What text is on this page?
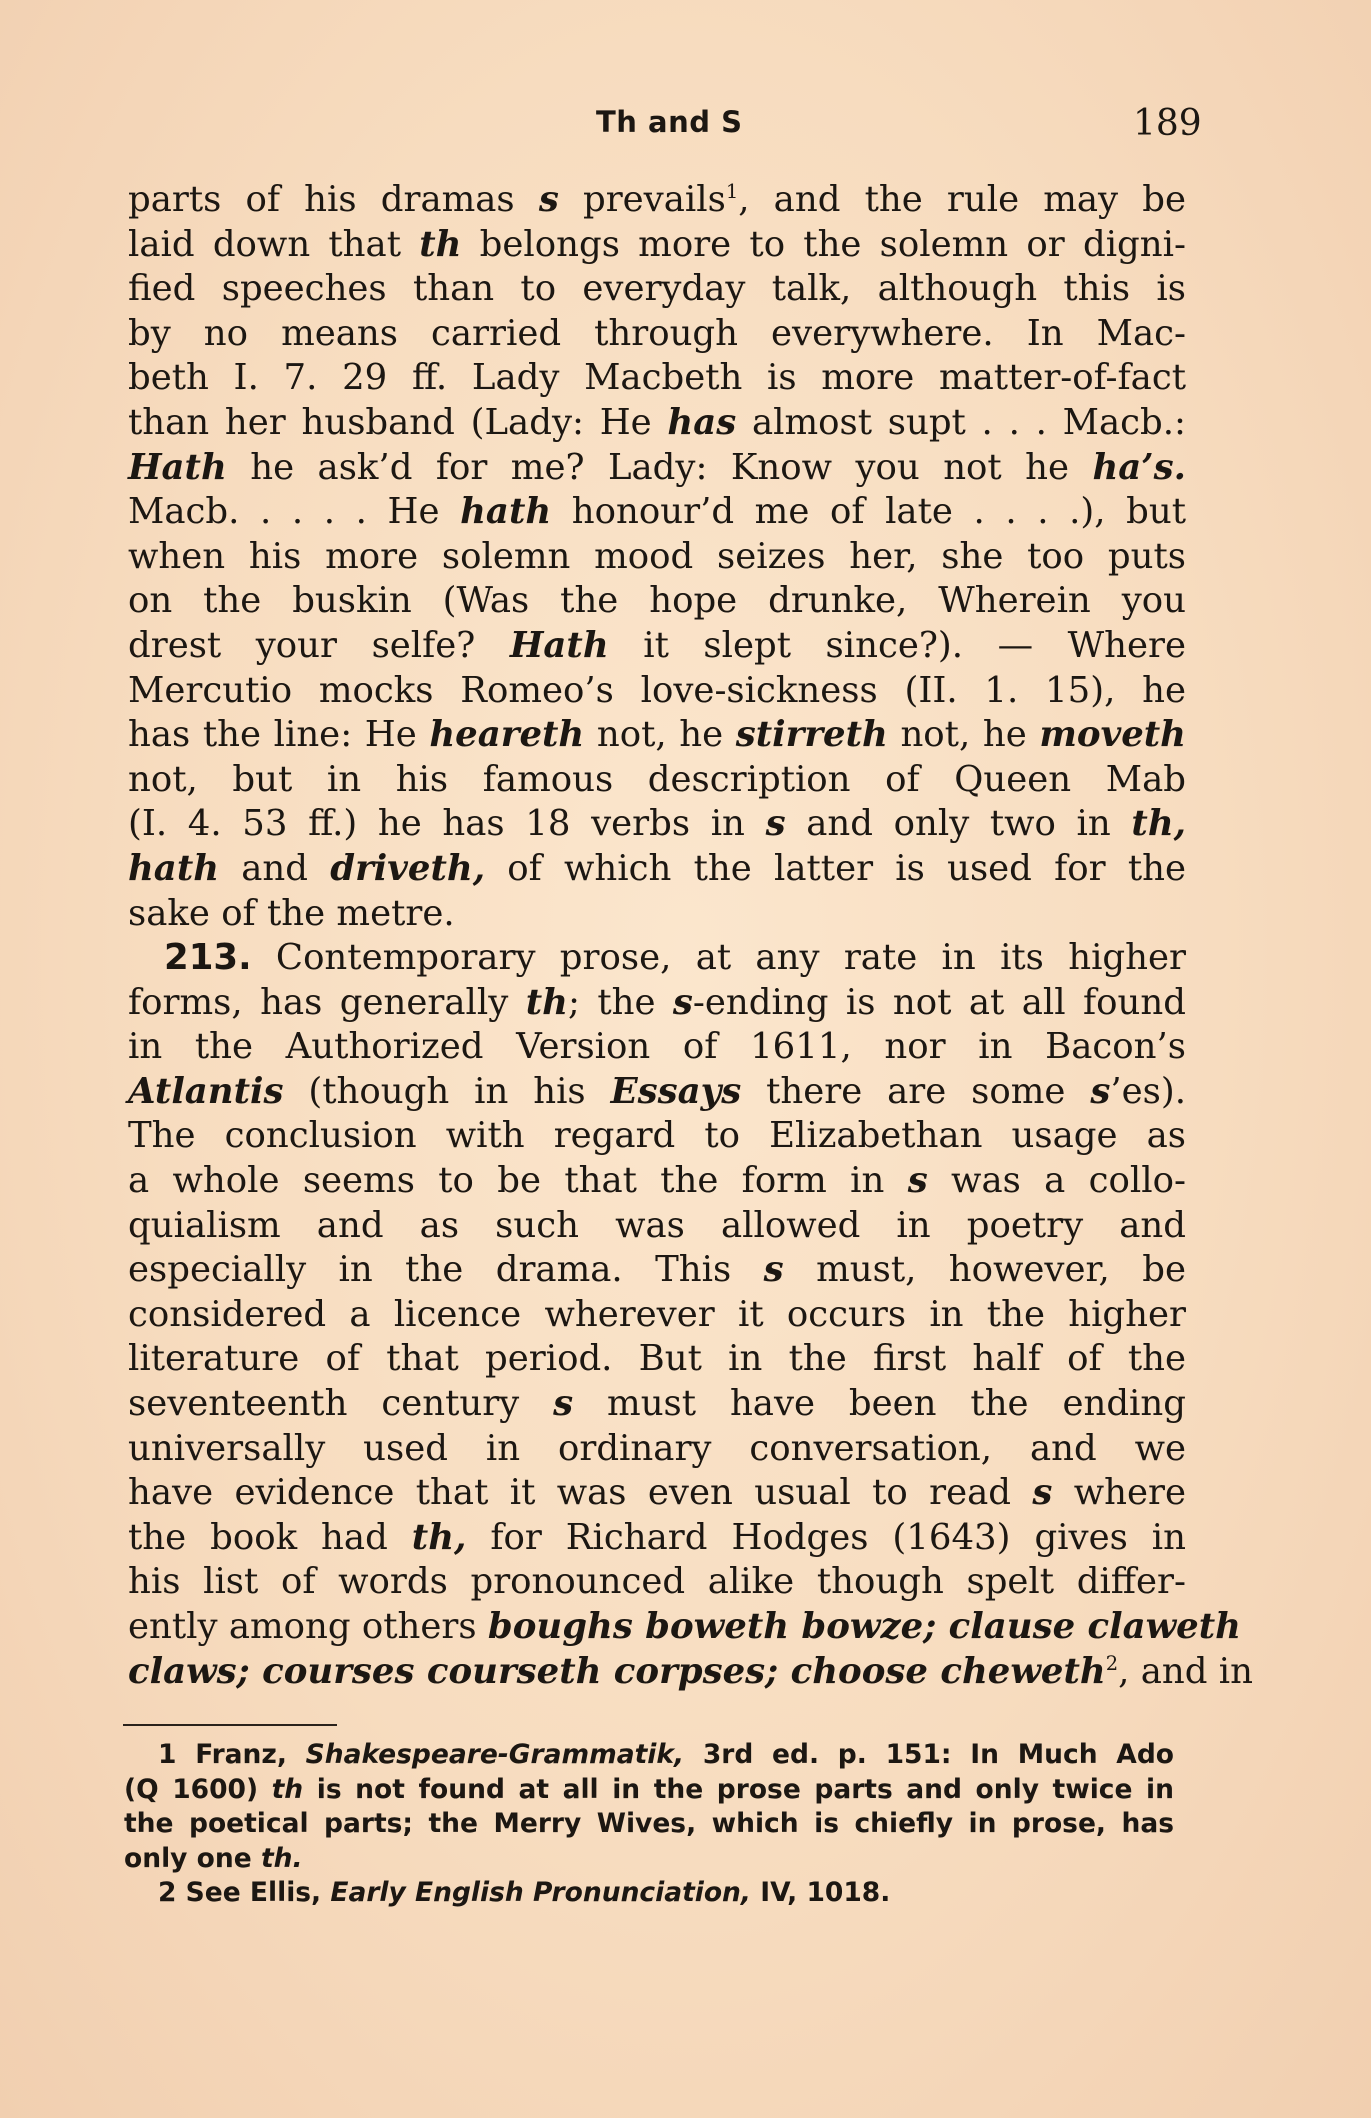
Th and S	189
parts of his dramas s prevails$^1$, and the rule may be
laid down that th belongs more to the solemn or digni-
fied speeches than to everyday talk, although this is
by no means carried through everywhere. In Mac-
beth I. 7. 29 ff. Lady Macbeth is more matter-of-fact
than her husband (Lady: He has almost supt . . . Macb.:
Hath he ask’d for me? Lady: Know you not he ha’s.
Macb. . . . . He hath honour’d me of late . . . .), but
when his more solemn mood seizes her, she too puts
on the buskin (Was the hope drunke, Wherein you
drest your selfe? Hath it slept since?). — Where
Mercutio mocks Romeo’s love-sickness (II. 1. 15), he
has the line: He heareth not, he stirreth not, he moveth
not, but in his famous description of Queen Mab
(I. 4. 53 ff.) he has 18 verbs in s and only two in th,
hath and driveth, of which the latter is used for the
sake of the metre.
213. Contemporary prose, at any rate in its higher
forms, has generally th; the s-ending is not at all found
in the Authorized Version of 1611, nor in Bacon’s
Atlantis (though in his Essays there are some s’es).
The conclusion with regard to Elizabethan usage as
a whole seems to be that the form in s was a collo-
quialism and as such was allowed in poetry and
especially in the drama. This s must, however, be
considered a licence wherever it occurs in the higher
literature of that period. But in the first half of the
seventeenth century s must have been the ending
universally used in ordinary conversation, and we
have evidence that it was even usual to read s where
the book had th, for Richard Hodges (1643) gives in
his list of words pronounced alike though spelt differ-
ently among others boughs boweth bowze; clause claweth
claws; courses courseth corpses; choose cheweth$^2$, and in
1 Franz, Shakespeare-Grammatik, 3rd ed. p. 151: In Much Ado
(Q 1600) th is not found at all in the prose parts and only twice in
the poetical parts; the Merry Wives, which is chiefly in prose, has
only one th.
2 See Ellis, Early English Pronunciation, IV, 1018.
